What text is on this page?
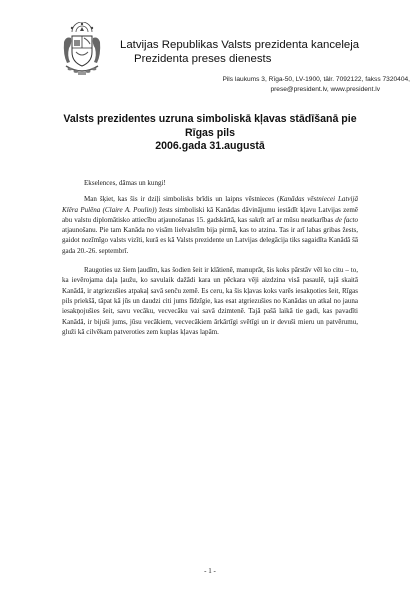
Latvijas Republikas Valsts prezidenta kanceleja
Prezidenta preses dienests
Pils laukums 3, Rīga-50, LV-1900, tālr. 7092122, fakss 7320404,
prese@president.lv, www.president.lv
Valsts prezidentes uzruna simboliskā kļavas stādīšanā pie Rīgas pils
2006.gada 31.augustā

Ekselences, dāmas un kungi!

Man šķiet, kas šis ir dziļi simbolisks brīdis un laipns vēstnieces (Kanādas vēstniecei Latvijā Klēra Pulēna (Claire A. Poulin)) žests simboliski kā Kanādas dāvinājumu iestādīt kļavu Latvijas zemē abu valstu diplomātisko attiecību atjaunošanas 15. gadskārtā, kas sakrīt arī ar mūsu neatkarības de facto atjaunošanu. Pie tam Kanāda no visām lielvalstīm bija pirmā, kas to atzina. Tas ir arī labas gribas žests, gaidot nozīmīgo valsts vizīti, kurā es kā Valsts prezidente un Latvijas delegācija tiks sagaidīta Kanādā šā gada 20.-26. septembrī.

Raugoties uz šiem ļaudīm, kas šodien šeit ir klātienē, manuprāt, šis koks pārstāv vēl ko citu – to, ka ievērojama daļa ļaužu, ko savulaik dažādi kara un pēckara vēji aizdzina visā pasaulē, tajā skaitā Kanādā, ir atgriezušies atpakaļ savā senču zemē. Es ceru, ka šis kļavas koks varēs iesakņoties šeit, Rīgas pils priekšā, tāpat kā jūs un daudzi citi jums līdzīgie, kas esat atgriezušies no Kanādas un atkal no jauna iesakņojušies šeit, savu vecāku, vecvecāku vai savā dzimtenē. Tajā pašā laikā tie gadi, kas pavadīti Kanādā, ir bijuši jums, jūsu vecākiem, vecvecākiem ārkārtīgi svētīgi un ir devuši mieru un patvērumu, gluži kā cilvēkam patveroties zem kuplas kļavas lapām.

- 1 -
